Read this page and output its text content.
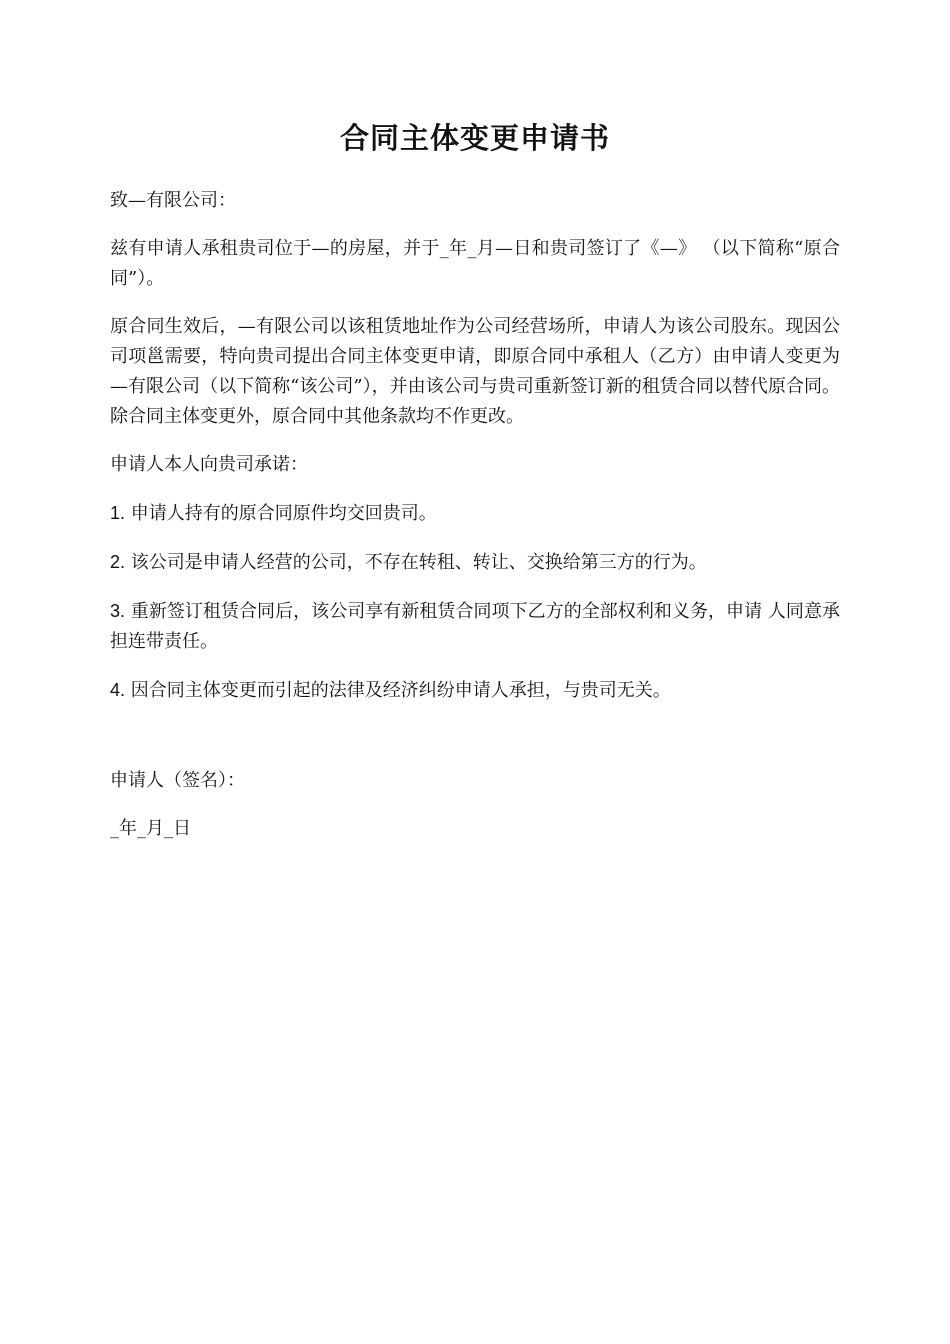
合同主体变更申请书

致—有限公司：

兹有申请人承租贵司位于—的房屋，并于_年_月—日和贵司签订了《—》 （以下简称“原合同”）。

原合同生效后，—有限公司以该租赁地址作为公司经营场所，申请人为该公司股东。现因公司项邕需要，特向贵司提出合同主体变更申请，即原合同中承租人（乙方）由申请人变更为—有限公司（以下简称“该公司”），并由该公司与贵司重新签订新的租赁合同以替代原合同。除合同主体变更外，原合同中其他条款均不作更改。

申请人本人向贵司承诺：

1. 申请人持有的原合同原件均交回贵司。

2. 该公司是申请人经营的公司，不存在转租、转让、交换给第三方的行为。

3. 重新签订租赁合同后，该公司享有新租赁合同项下乙方的全部权利和义务，申请 人同意承担连带责任。

4. 因合同主体变更而引起的法律及经济纠纷申请人承担，与贵司无关。

申请人（签名）：

_年_月_日
